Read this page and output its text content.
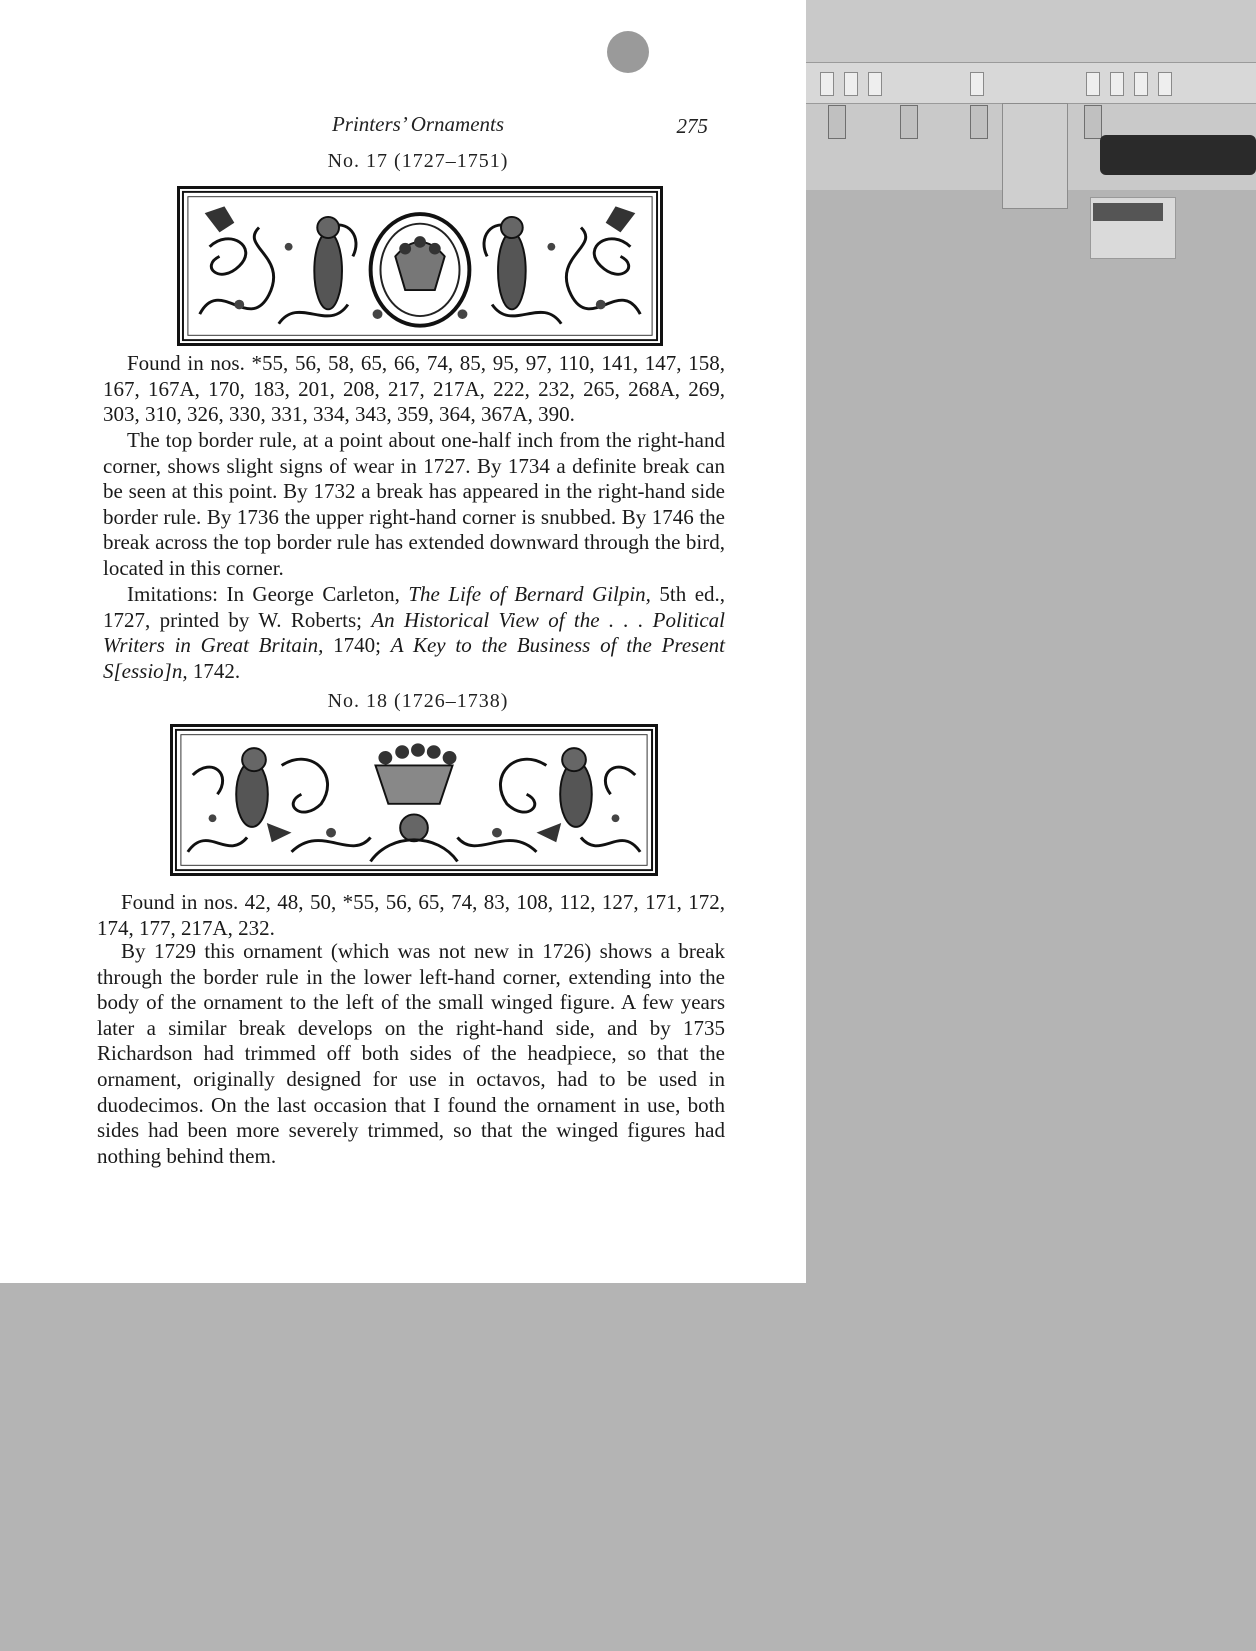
Printers’ Ornaments	275
No. 17 (1727–1751)

Found in nos. *55, 56, 58, 65, 66, 74, 85, 95, 97, 110, 141, 147, 158, 167, 167A, 170, 183, 201, 208, 217, 217A, 222, 232, 265, 268A, 269, 303, 310, 326, 330, 331, 334, 343, 359, 364, 367A, 390.

The top border rule, at a point about one-half inch from the right-hand corner, shows slight signs of wear in 1727. By 1734 a definite break can be seen at this point. By 1732 a break has appeared in the right-hand side border rule. By 1736 the upper right-hand corner is snubbed. By 1746 the break across the top border rule has extended downward through the bird, located in this corner.

Imitations: In George Carleton, The Life of Bernard Gilpin, 5th ed., 1727, printed by W. Roberts; An Historical View of the . . . Political Writers in Great Britain, 1740; A Key to the Business of the Present S[essio]n, 1742.

No. 18 (1726–1738)

Found in nos. 42, 48, 50, *55, 56, 65, 74, 83, 108, 112, 127, 171, 172, 174, 177, 217A, 232.

By 1729 this ornament (which was not new in 1726) shows a break through the border rule in the lower left-hand corner, extending into the body of the ornament to the left of the small winged figure. A few years later a similar break develops on the right-hand side, and by 1735 Richardson had trimmed off both sides of the headpiece, so that the ornament, originally designed for use in octavos, had to be used in duodecimos. On the last occasion that I found the ornament in use, both sides had been more severely trimmed, so that the winged figures had nothing behind them.
